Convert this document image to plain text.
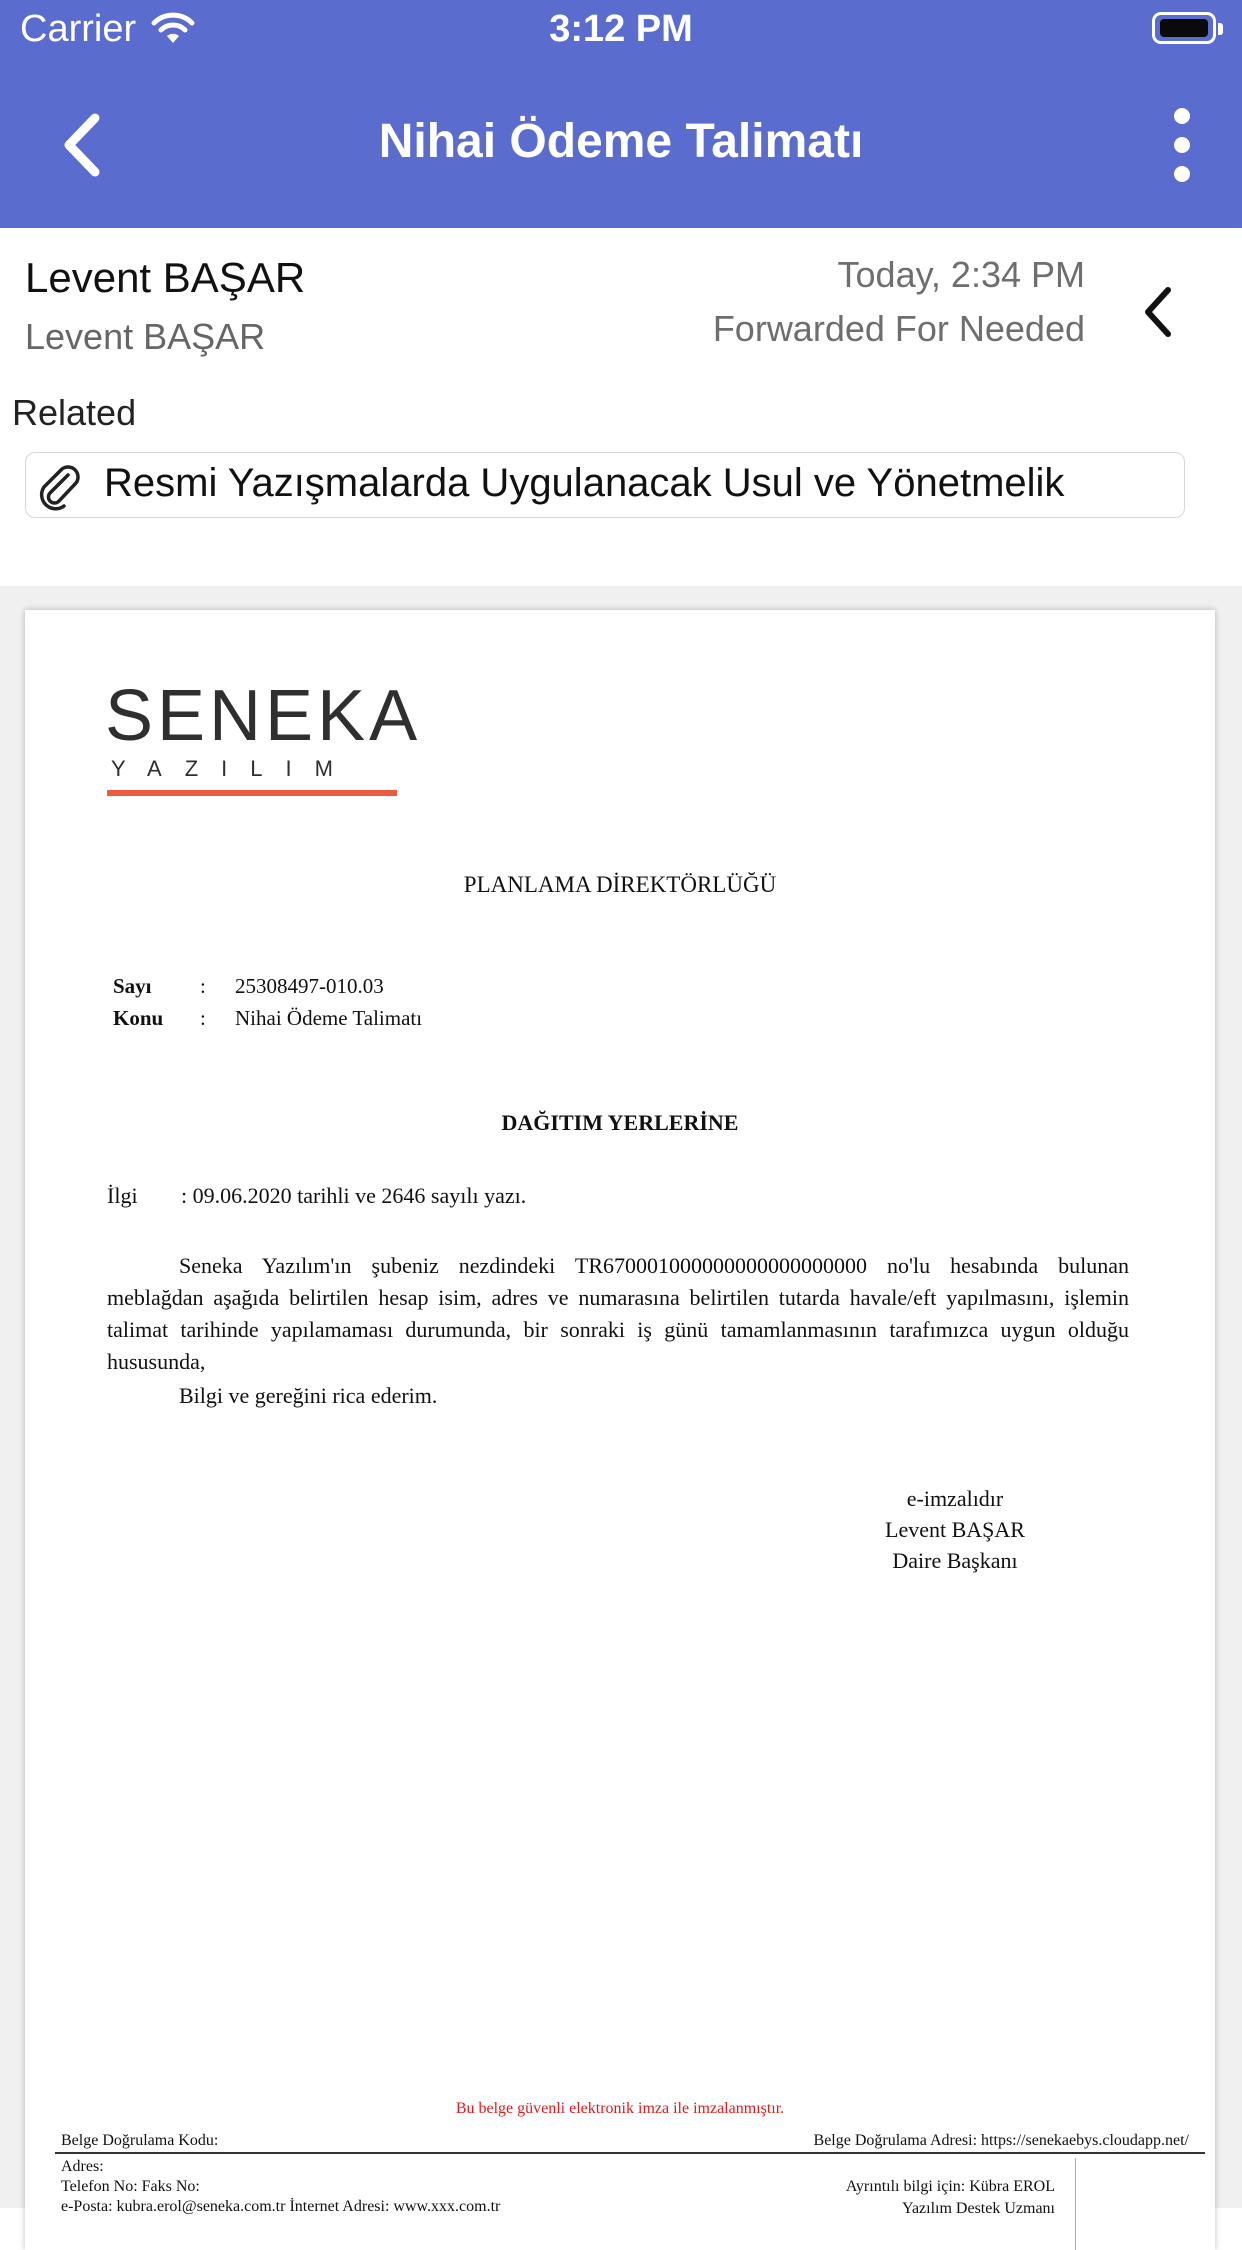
Carrier	3:12 PM
Nihai Ödeme Talimatı
Levent BAŞAR
Levent BAŞAR
Today, 2:34 PM
Forwarded For Needed
Related
Resmi Yazışmalarda Uygulanacak Usul ve Yönetmelik
SENEKA
YAZILIM
PLANLAMA DİREKTÖRLÜĞÜ
Sayı : 25308497-010.03
Konu : Nihai Ödeme Talimatı
DAĞITIM YERLERİNE
İlgi : 09.06.2020 tarihli ve 2646 sayılı yazı.
Seneka Yazılım'ın şubeniz nezdindeki TR670001000000000000000000 no'lu hesabında bulunan meblağdan aşağıda belirtilen hesap isim, adres ve numarasına belirtilen tutarda havale/eft yapılmasını, işlemin talimat tarihinde yapılamaması durumunda, bir sonraki iş günü tamamlanmasının tarafımızca uygun olduğu hususunda,
Bilgi ve gereğini rica ederim.
e-imzalıdır
Levent BAŞAR
Daire Başkanı
Bu belge güvenli elektronik imza ile imzalanmıştır.
Belge Doğrulama Kodu:	Belge Doğrulama Adresi: https://senekaebys.cloudapp.net/
Adres:
Telefon No: Faks No:
e-Posta: kubra.erol@seneka.com.tr İnternet Adresi: www.xxx.com.tr
Ayrıntılı bilgi için: Kübra EROL
Yazılım Destek Uzmanı
